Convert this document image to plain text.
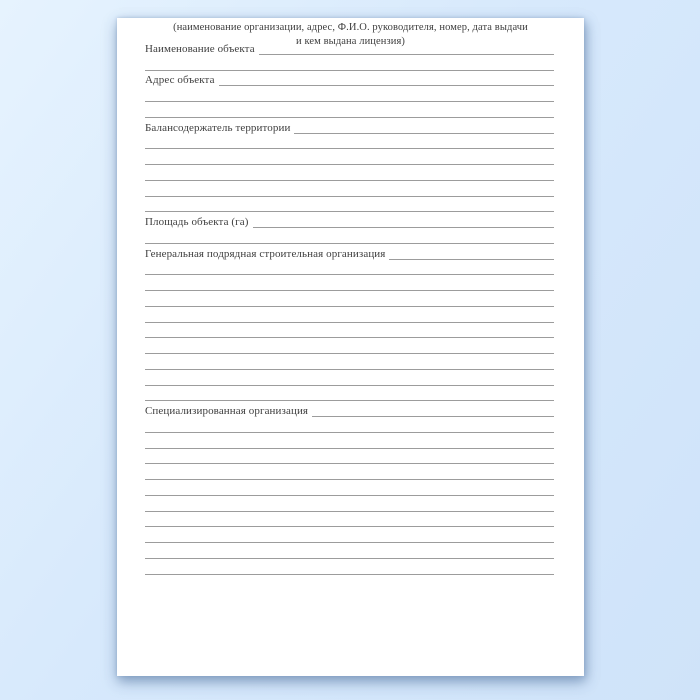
Наименование объекта
Адрес объекта
Балансодержатель территории
Площадь объекта (га)
Генеральная подрядная строительная организация
Специализированная организация
(наименование организации, адрес, Ф.И.О. руководителя, номер, дата выдачи
и кем выдана лицензия)
